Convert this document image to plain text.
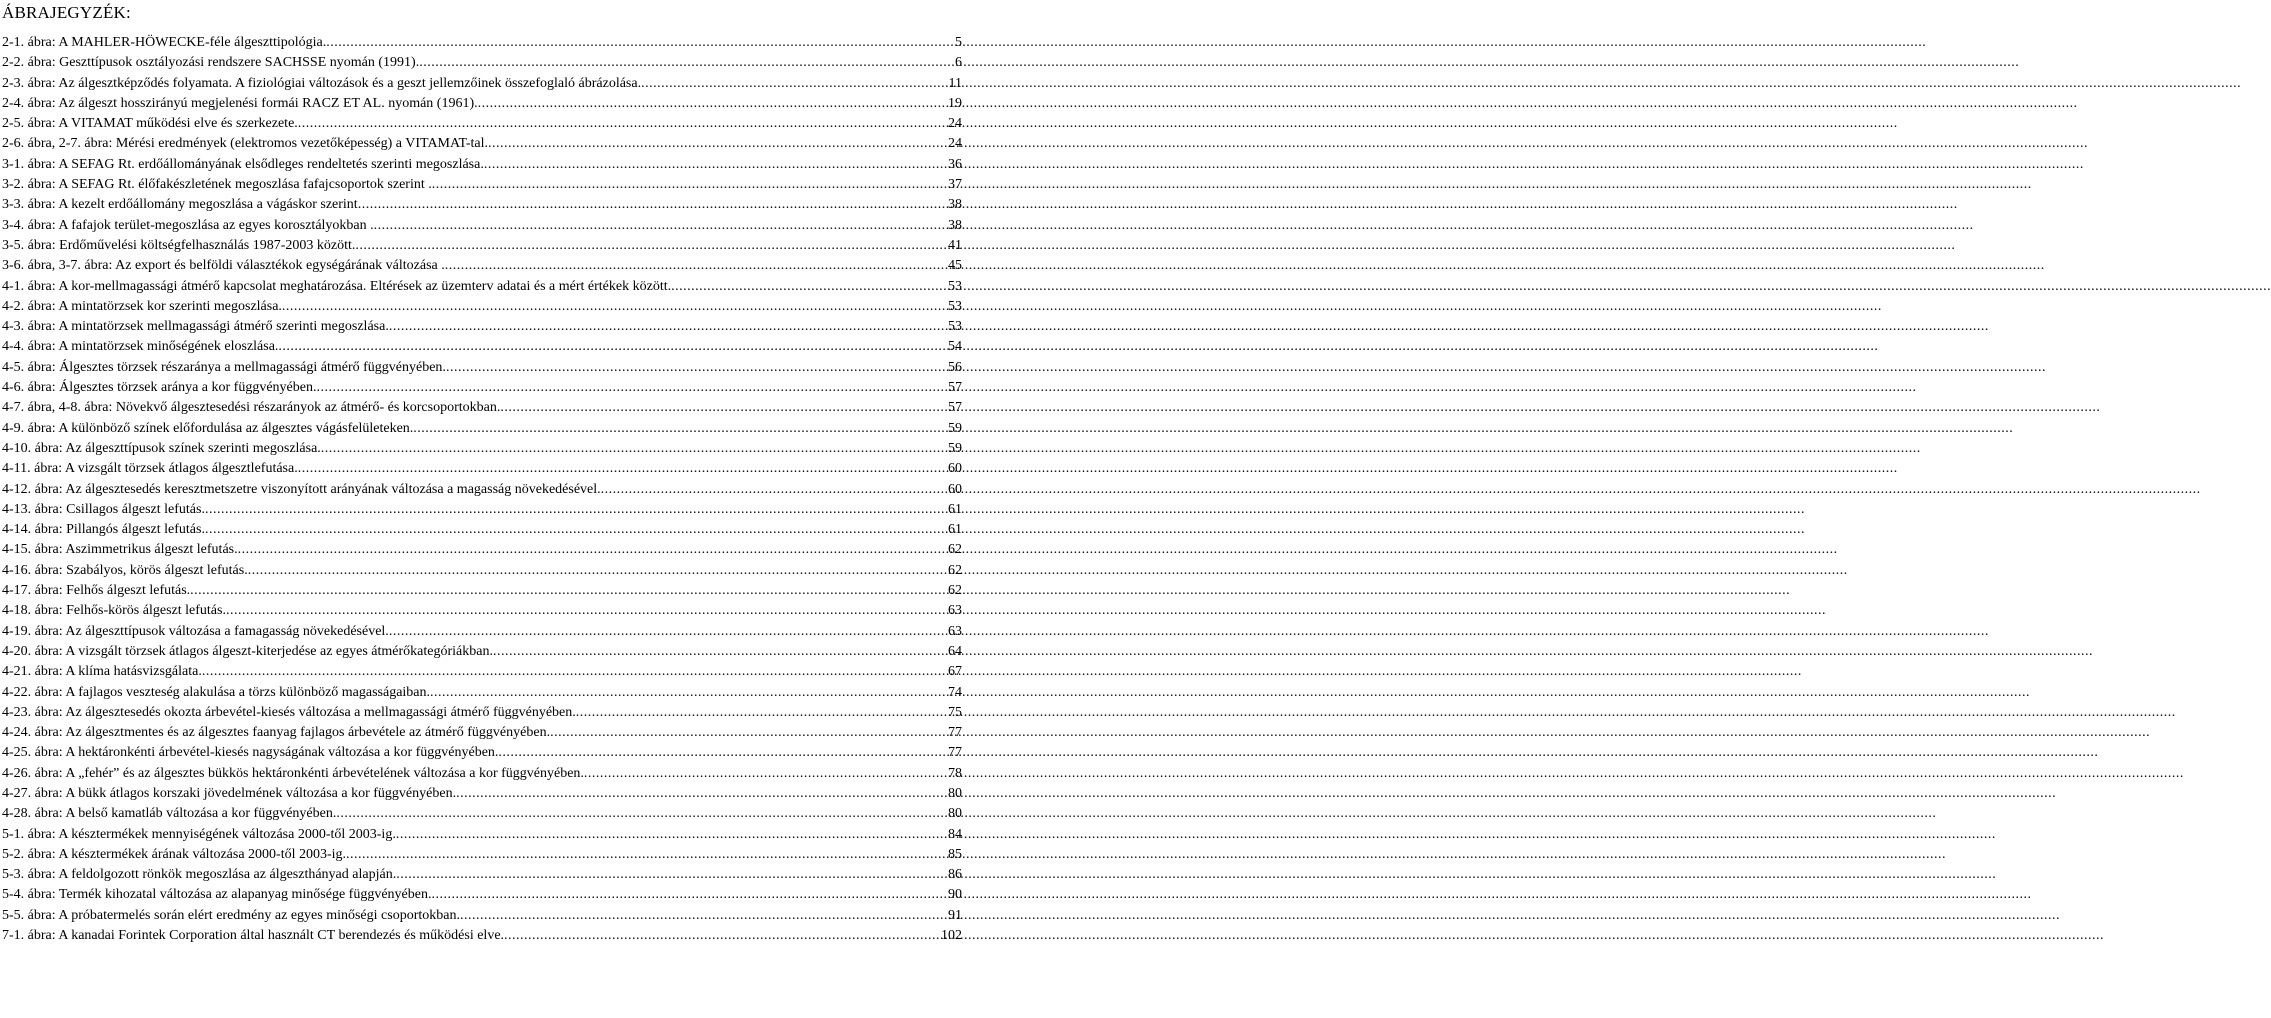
ÁBRAJEGYZÉK:
2-1. ábra: A MAHLER-HÖWECKE-féle álgeszttipológia. .....	5
2-2. ábra: Geszttípusok osztályozási rendszere SACHSSE nyomán (1991). .....	6
2-3. ábra: Az álgesztképződés folyamata. A fiziológiai változások és a geszt jellemzőinek összefoglaló ábrázolása. .....	11
2-4. ábra: Az álgeszt hosszirányú megjelenési formái RACZ ET AL. nyomán (1961). .....	19
2-5. ábra: A VITAMAT működési elve és szerkezete. .....	24
2-6. ábra, 2-7. ábra: Mérési eredmények (elektromos vezetőképesség) a VITAMAT-tal. .....	24
3-1. ábra: A SEFAG Rt. erdőállományának elsődleges rendeltetés szerinti megoszlása. .....	36
3-2. ábra: A SEFAG Rt. élőfakészletének megoszlása fafajcsoportok szerint . .....	37
3-3. ábra: A kezelt erdőállomány megoszlása a vágáskor szerint .....	38
3-4. ábra: A fafajok terület-megoszlása az egyes korosztályokban . .....	38
3-5. ábra: Erdőművelési költségfelhasználás 1987-2003 között. .....	41
3-6. ábra, 3-7. ábra: Az export és belföldi választékok egységárának változása . .....	45
4-1. ábra: A kor-mellmagassági átmérő kapcsolat meghatározása. Eltérések az üzemterv adatai és a mért értékek között. .....	53
4-2. ábra: A mintatörzsek kor szerinti megoszlása. .....	53
4-3. ábra: A mintatörzsek mellmagassági átmérő szerinti megoszlása. .....	53
4-4. ábra: A mintatörzsek minőségének eloszlása. .....	54
4-5. ábra: Álgesztes törzsek részaránya a mellmagassági átmérő függvényében. .....	56
4-6. ábra: Álgesztes törzsek aránya a kor függvényében. .....	57
4-7. ábra, 4-8. ábra: Növekvő álgesztesedési részarányok az átmérő- és korcsoportokban. .....	57
4-9. ábra: A különböző színek előfordulása az álgesztes vágásfelületeken. .....	59
4-10. ábra: Az álgeszttípusok színek szerinti megoszlása. .....	59
4-11. ábra: A vizsgált törzsek átlagos álgesztlefutása. .....	60
4-12. ábra: Az álgesztesedés keresztmetszetre viszonyított arányának változása a magasság növekedésével. .....	60
4-13. ábra: Csillagos álgeszt lefutás. .....	61
4-14. ábra: Pillangós álgeszt lefutás. .....	61
4-15. ábra: Aszimmetrikus álgeszt lefutás. .....	62
4-16. ábra: Szabályos, körös álgeszt lefutás. .....	62
4-17. ábra: Felhős álgeszt lefutás. .....	62
4-18. ábra: Felhős-körös álgeszt lefutás. .....	63
4-19. ábra: Az álgeszttípusok változása a famagasság növekedésével. .....	63
4-20. ábra: A vizsgált törzsek átlagos álgeszt-kiterjedése az egyes átmérőkategóriákban. .....	64
4-21. ábra: A klíma hatásvizsgálata. .....	67
4-22. ábra: A fajlagos veszteség alakulása a törzs különböző magasságaiban. .....	74
4-23. ábra: Az álgesztesedés okozta árbevétel-kiesés változása a mellmagassági átmérő függvényében. .....	75
4-24. ábra: Az álgesztmentes és az álgesztes faanyag fajlagos árbevétele az átmérő függvényében. .....	77
4-25. ábra: A hektáronkénti árbevétel-kiesés nagyságának változása a kor függvényében. .....	77
4-26. ábra: A „fehér” és az álgesztes bükkös hektáronkénti árbevételének változása a kor függvényében. .....	78
4-27. ábra: A bükk átlagos korszaki jövedelmének változása a kor függvényében. .....	80
4-28. ábra: A belső kamatláb változása a kor függvényében. .....	80
5-1. ábra: A késztermékek mennyiségének változása 2000-től 2003-ig. .....	84
5-2. ábra: A késztermékek árának változása 2000-től 2003-ig. .....	85
5-3. ábra: A feldolgozott rönkök megoszlása az álgeszthányad alapján. .....	86
5-4. ábra: Termék kihozatal változása az alapanyag minősége függvényében. .....	90
5-5. ábra: A próbatermelés során elért eredmény az egyes minőségi csoportokban. .....	91
7-1. ábra: A kanadai Forintek Corporation által használt CT berendezés és működési elve. .....	102
